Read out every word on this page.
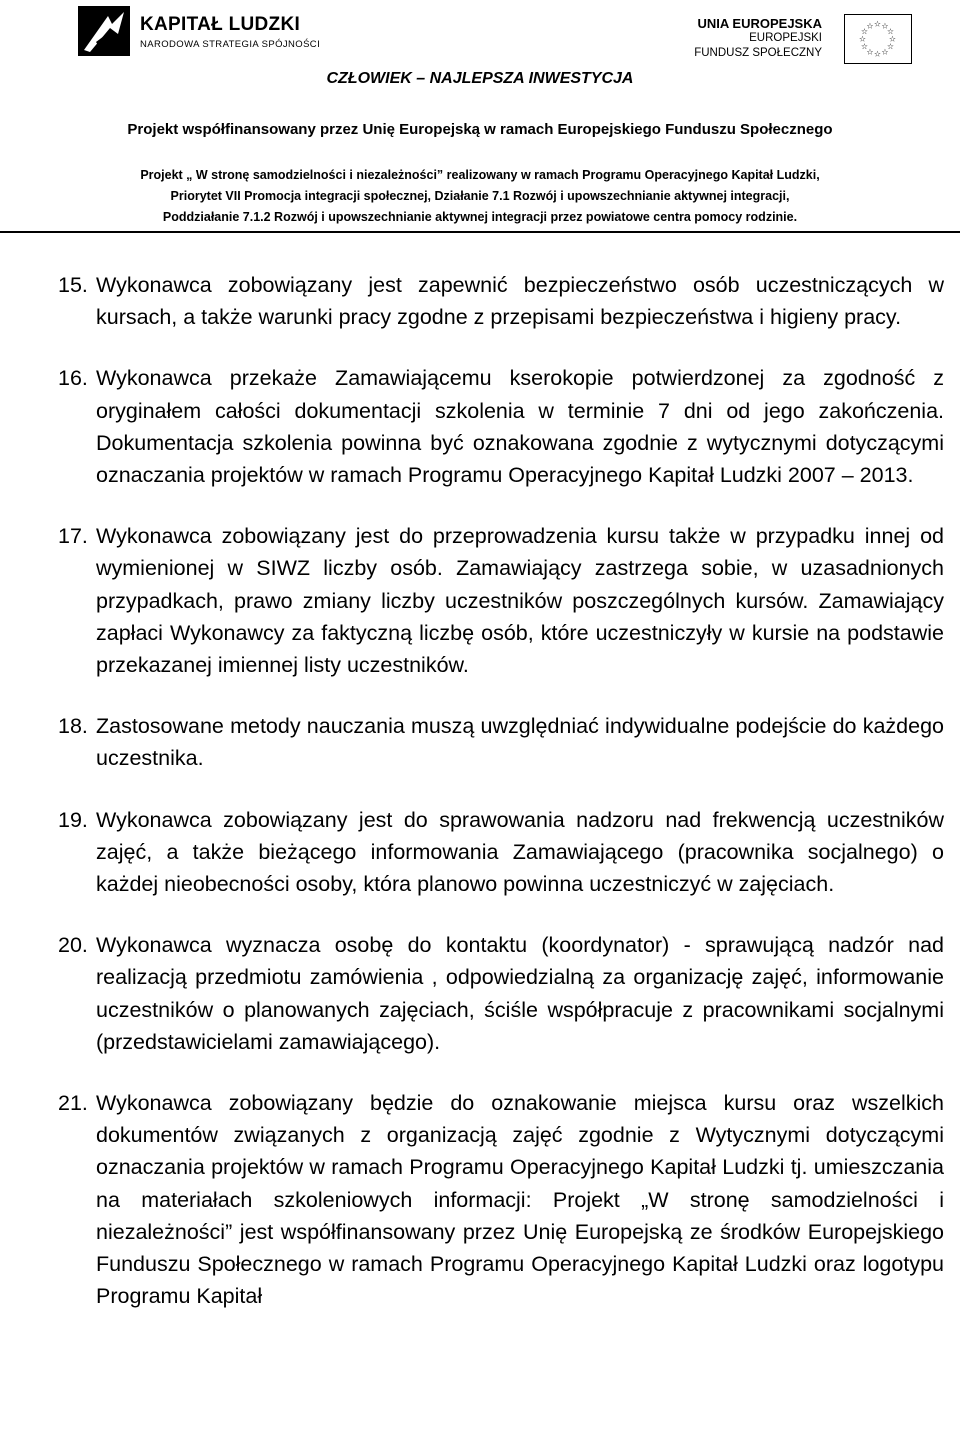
KAPITAŁ LUDZKI
NARODOWA STRATEGIA SPÓJNOŚCI
UNIA EUROPEJSKA
EUROPEJSKI
FUNDUSZ SPOŁECZNY
☆ ☆
☆
☆
☆
☆
☆
☆
☆
☆
☆
☆
CZŁOWIEK – NAJLEPSZA INWESTYCJA
Projekt współfinansowany przez Unię Europejską w ramach Europejskiego Funduszu Społecznego
Projekt „ W stronę samodzielności i niezależności” realizowany w ramach Programu Operacyjnego Kapitał Ludzki,
Priorytet VII Promocja integracji społecznej, Działanie 7.1 Rozwój i upowszechnianie aktywnej integracji,
Poddziałanie 7.1.2 Rozwój i upowszechnianie aktywnej integracji przez powiatowe centra pomocy rodzinie.
15. Wykonawca zobowiązany jest zapewnić bezpieczeństwo osób uczestniczących w kursach, a także warunki pracy zgodne z przepisami bezpieczeństwa i higieny pracy.
16. Wykonawca przekaże Zamawiającemu kserokopie potwierdzonej za zgodność z oryginałem całości dokumentacji szkolenia w terminie 7 dni od jego zakończenia. Dokumentacja szkolenia powinna być oznakowana zgodnie z wytycznymi dotyczącymi oznaczania projektów w ramach Programu Operacyjnego Kapitał Ludzki 2007 – 2013.
17. Wykonawca zobowiązany jest do przeprowadzenia kursu także w przypadku innej od wymienionej w SIWZ liczby osób. Zamawiający zastrzega sobie, w uzasadnionych przypadkach, prawo zmiany liczby uczestników poszczególnych kursów. Zamawiający zapłaci Wykonawcy za faktyczną liczbę osób, które uczestniczyły w kursie na podstawie przekazanej imiennej listy uczestników.
18. Zastosowane metody nauczania muszą uwzględniać indywidualne podejście do każdego uczestnika.
19. Wykonawca zobowiązany jest do sprawowania nadzoru nad frekwencją uczestników zajęć, a także bieżącego informowania Zamawiającego (pracownika socjalnego) o każdej nieobecności osoby, która planowo powinna uczestniczyć w zajęciach.
20. Wykonawca wyznacza osobę do kontaktu (koordynator) - sprawującą nadzór nad realizacją przedmiotu zamówienia , odpowiedzialną za organizację zajęć, informowanie uczestników o planowanych zajęciach, ściśle współpracuje z pracownikami socjalnymi (przedstawicielami zamawiającego).
21. Wykonawca zobowiązany będzie do oznakowanie miejsca kursu oraz wszelkich dokumentów związanych z organizacją zajęć zgodnie z Wytycznymi dotyczącymi oznaczania projektów w ramach Programu Operacyjnego Kapitał Ludzki tj. umieszczania na materiałach szkoleniowych informacji: Projekt „W stronę samodzielności i niezależności” jest współfinansowany przez Unię Europejską ze środków Europejskiego Funduszu Społecznego w ramach Programu Operacyjnego Kapitał Ludzki oraz logotypu Programu Kapitał
